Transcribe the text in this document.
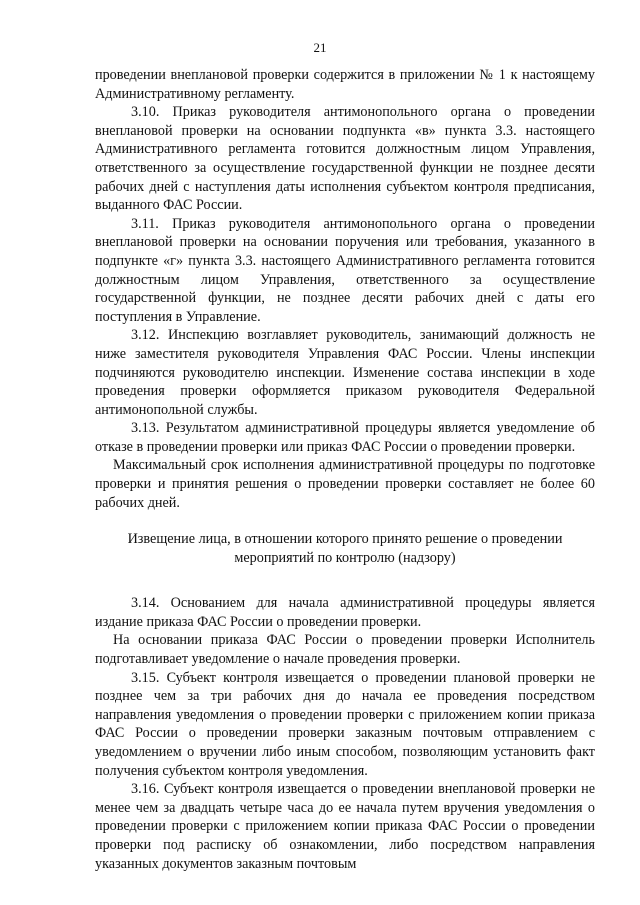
21

проведении внеплановой проверки содержится в приложении № 1 к настоящему Административному регламенту.

3.10. Приказ руководителя антимонопольного органа о проведении внеплановой проверки на основании подпункта «в» пункта 3.3. настоящего Административного регламента готовится должностным лицом Управления, ответственного за осуществление государственной функции не позднее десяти рабочих дней с наступления даты исполнения субъектом контроля предписания, выданного ФАС России.

3.11. Приказ руководителя антимонопольного органа о проведении внеплановой проверки на основании поручения или требования, указанного в подпункте «г» пункта 3.3. настоящего Административного регламента готовится должностным лицом Управления, ответственного за осуществление государственной функции, не позднее десяти рабочих дней с даты его поступления в Управление.

3.12. Инспекцию возглавляет руководитель, занимающий должность не ниже заместителя руководителя Управления ФАС России. Члены инспекции подчиняются руководителю инспекции. Изменение состава инспекции в ходе проведения проверки оформляется приказом руководителя Федеральной антимонопольной службы.

3.13. Результатом административной процедуры является уведомление об отказе в проведении проверки или приказ ФАС России о проведении проверки.

Максимальный срок исполнения административной процедуры по подготовке проверки и принятия решения о проведении проверки составляет не более 60 рабочих дней.

Извещение лица, в отношении которого принято решение о проведении
мероприятий по контролю (надзору)

3.14. Основанием для начала административной процедуры является издание приказа ФАС России о проведении проверки.

На основании приказа ФАС России о проведении проверки Исполнитель подготавливает уведомление о начале проведения проверки.

3.15. Субъект контроля извещается о проведении плановой проверки не позднее чем за три рабочих дня до начала ее проведения посредством направления уведомления о проведении проверки с приложением копии приказа ФАС России о проведении проверки заказным почтовым отправлением с уведомлением о вручении либо иным способом, позволяющим установить факт получения субъектом контроля уведомления.

3.16. Субъект контроля извещается о проведении внеплановой проверки не менее чем за двадцать четыре часа до ее начала путем вручения уведомления о проведении проверки с приложением копии приказа ФАС России о проведении проверки под расписку об ознакомлении, либо посредством направления указанных документов заказным почтовым
